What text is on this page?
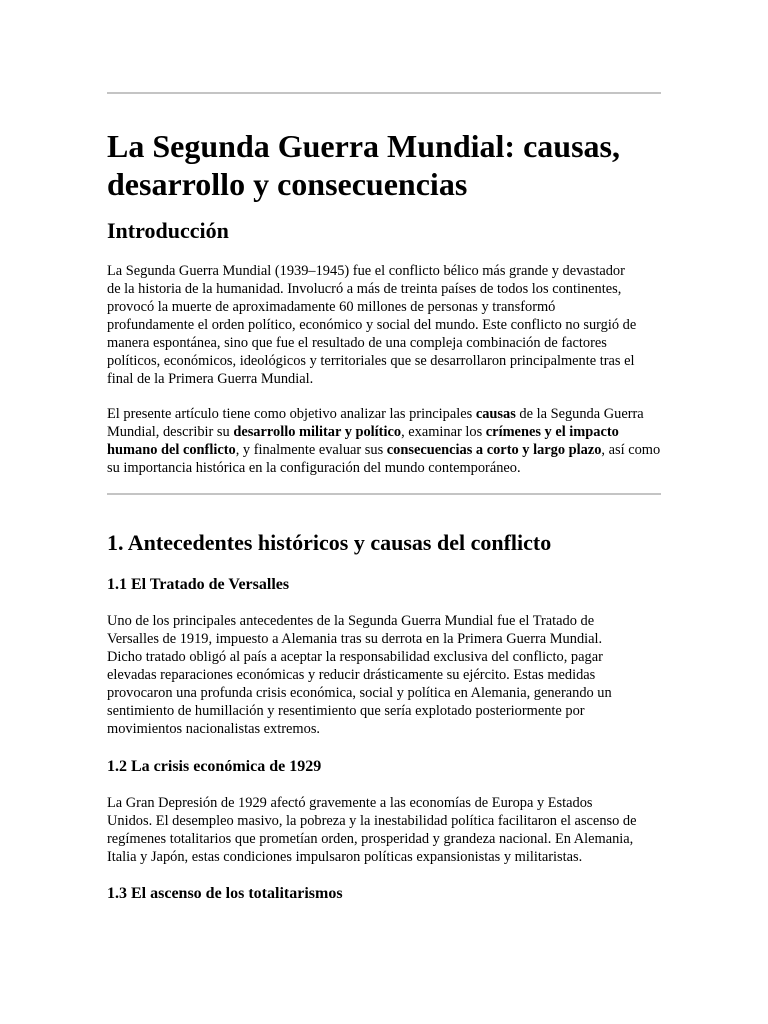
La Segunda Guerra Mundial: causas,
desarrollo y consecuencias
Introducción

La Segunda Guerra Mundial (1939–1945) fue el conflicto bélico más grande y devastador
de la historia de la humanidad. Involucró a más de treinta países de todos los continentes,
provocó la muerte de aproximadamente 60 millones de personas y transformó
profundamente el orden político, económico y social del mundo. Este conflicto no surgió de
manera espontánea, sino que fue el resultado de una compleja combinación de factores
políticos, económicos, ideológicos y territoriales que se desarrollaron principalmente tras el
final de la Primera Guerra Mundial.

El presente artículo tiene como objetivo analizar las principales causas de la Segunda Guerra Mundial, describir su desarrollo militar y político, examinar los crímenes y el impacto humano del conflicto, y finalmente evaluar sus consecuencias a corto y largo plazo, así como su importancia histórica en la configuración del mundo contemporáneo.

1. Antecedentes históricos y causas del conflicto
1.1 El Tratado de Versalles

Uno de los principales antecedentes de la Segunda Guerra Mundial fue el Tratado de
Versalles de 1919, impuesto a Alemania tras su derrota en la Primera Guerra Mundial.
Dicho tratado obligó al país a aceptar la responsabilidad exclusiva del conflicto, pagar
elevadas reparaciones económicas y reducir drásticamente su ejército. Estas medidas
provocaron una profunda crisis económica, social y política en Alemania, generando un
sentimiento de humillación y resentimiento que sería explotado posteriormente por
movimientos nacionalistas extremos.

1.2 La crisis económica de 1929

La Gran Depresión de 1929 afectó gravemente a las economías de Europa y Estados
Unidos. El desempleo masivo, la pobreza y la inestabilidad política facilitaron el ascenso de
regímenes totalitarios que prometían orden, prosperidad y grandeza nacional. En Alemania,
Italia y Japón, estas condiciones impulsaron políticas expansionistas y militaristas.

1.3 El ascenso de los totalitarismos
